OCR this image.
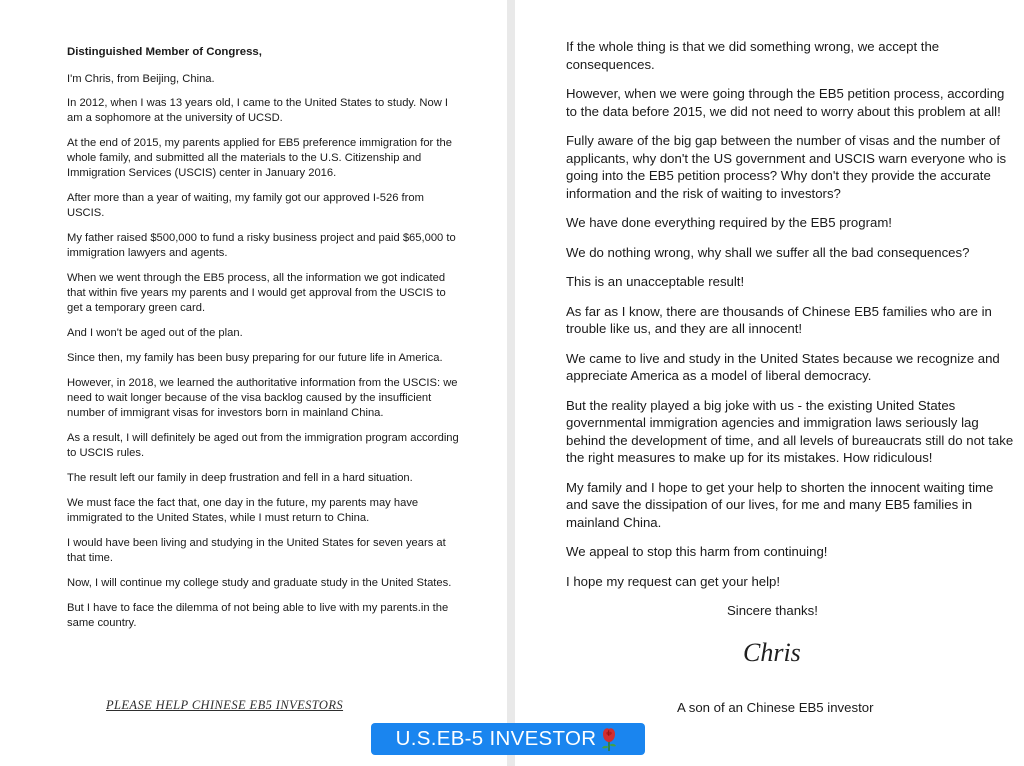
Distinguished Member of Congress,

I'm Chris, from Beijing, China.

In 2012, when I was 13 years old, I came to the United States to study. Now I am a sophomore at the university of UCSD.

At the end of 2015, my parents applied for EB5 preference immigration for the whole family, and submitted all the materials to the U.S. Citizenship and Immigration Services (USCIS) center in January 2016.

After more than a year of waiting, my family got our approved I-526 from USCIS.

My father raised $500,000 to fund a risky business project and paid $65,000 to immigration lawyers and agents.

When we went through the EB5 process, all the information we got indicated that within five years my parents and I would get approval from the USCIS to get a temporary green card.

And I won't be aged out of the plan.

Since then, my family has been busy preparing for our future life in America.

However, in 2018, we learned the authoritative information from the USCIS: we need to wait longer because of the visa backlog caused by the insufficient number of immigrant visas for investors born in mainland China.

As a result, I will definitely be aged out from the immigration program according to USCIS rules.

The result left our family in deep frustration and fell in a hard situation.

We must face the fact that, one day in the future, my parents may have immigrated to the United States, while I must return to China.

I would have been living and studying in the United States for seven years at that time.

Now, I will continue my college study and graduate study in the United States.

But I have to face the dilemma of not being able to live with my parents.in the same country.

PLEASE HELP CHINESE EB5 INVESTORS

If the whole thing is that we did something wrong, we accept the consequences.

However, when we were going through the EB5 petition process, according to the data before 2015, we did not need to worry about this problem at all!

Fully aware of the big gap between the number of visas and the number of applicants, why don't the US government and USCIS warn everyone who is going into the EB5 petition process? Why don't they provide the accurate information and the risk of waiting to investors?

We have done everything required by the EB5 program!

We do nothing wrong, why shall we suffer all the bad consequences?

This is an unacceptable result!

As far as I know, there are thousands of Chinese EB5 families who are in trouble like us, and they are all innocent!

We came to live and study in the United States because we recognize and appreciate America as a model of liberal democracy.

But the reality played a big joke with us - the existing United States governmental immigration agencies and immigration laws seriously lag behind the development of time, and all levels of bureaucrats still do not take the right measures to make up for its mistakes. How ridiculous!

My family and I hope to get your help to shorten the innocent waiting time and save the dissipation of our lives, for me and many EB5 families in mainland China.

We appeal to stop this harm from continuing!

I hope my request can get your help!

Sincere thanks!

Chris

A son of an Chinese EB5 investor

U.S.EB-5 INVESTOR
